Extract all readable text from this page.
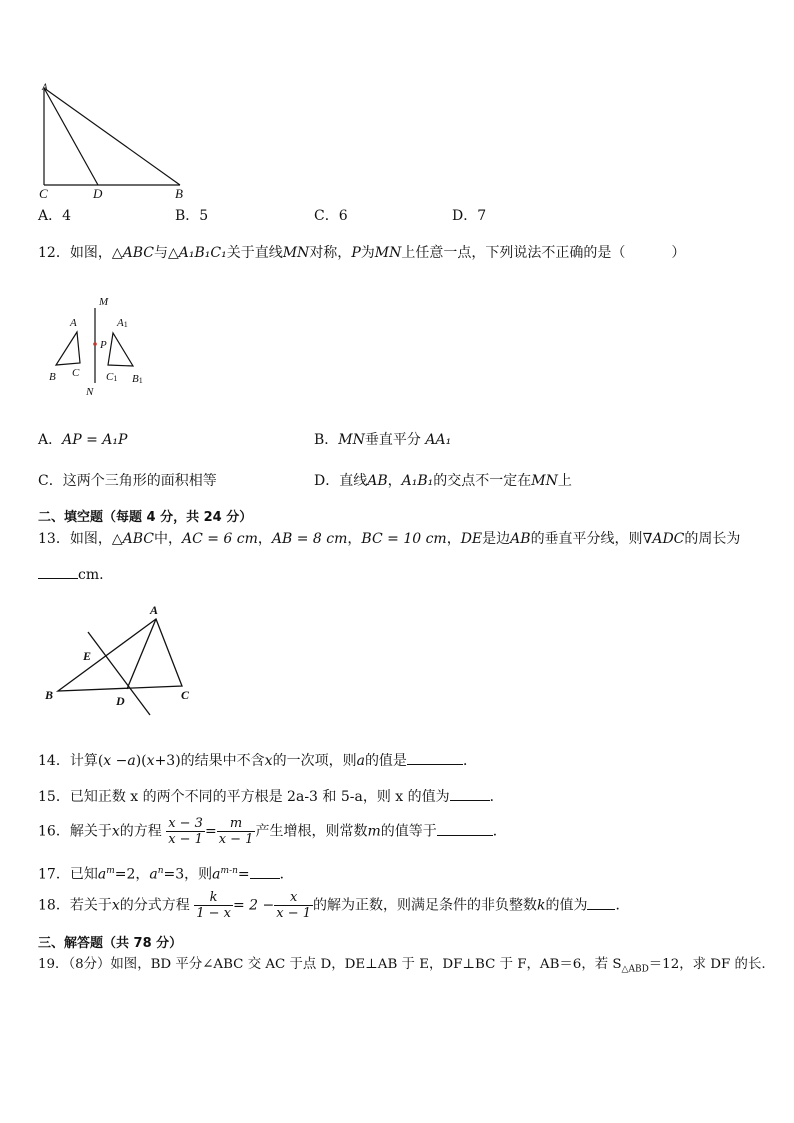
A
C	D	B
A．4	B．5	C．6	D．7
12．如图，△ABC与△A₁B₁C₁关于直线MN对称，P为MN上任意一点，下列说法不正确的是（	）
M
N
P
A
B C
A1
C1 B1
A．AP = A₁P	B．MN垂直平分 AA₁
C．这两个三角形的面积相等	D．直线AB，A₁B₁的交点不一定在MN上
二、填空题（每题 4 分，共 24 分）
13．如图，△ABC中，AC = 6 cm，AB = 8 cm，BC = 10 cm，DE是边AB的垂直平分线，则∇ADC的周长为
cm.
A
E
B	D	C
14．计算(x −a)(x+3)的结果中不含x的一次项，则a的值是	．
15．已知正数 x 的两个不同的平方根是 2a-3 和 5-a，则 x 的值为	．
16．解关于x的方程 $\frac{x - 3}{x - 1} = \frac{m}{x - 1}$ 产生增根，则常数m的值等于	．
17．已知$a^m=2$，$a^n=3$，则$a^{m-n}=$ ．
18．若关于x的分式方程 $\frac{k}{1 - x} = 2 - \frac{x}{x - 1}$ 的解为正数，则满足条件的非负整数k的值为 ．
三、解答题（共 78 分）
19．（8分）如图，BD 平分∠ABC 交 AC 于点 D，DE⊥AB 于 E，DF⊥BC 于 F，AB＝6，若 $S_{\triangle ABD}=12$，求 DF 的长.
